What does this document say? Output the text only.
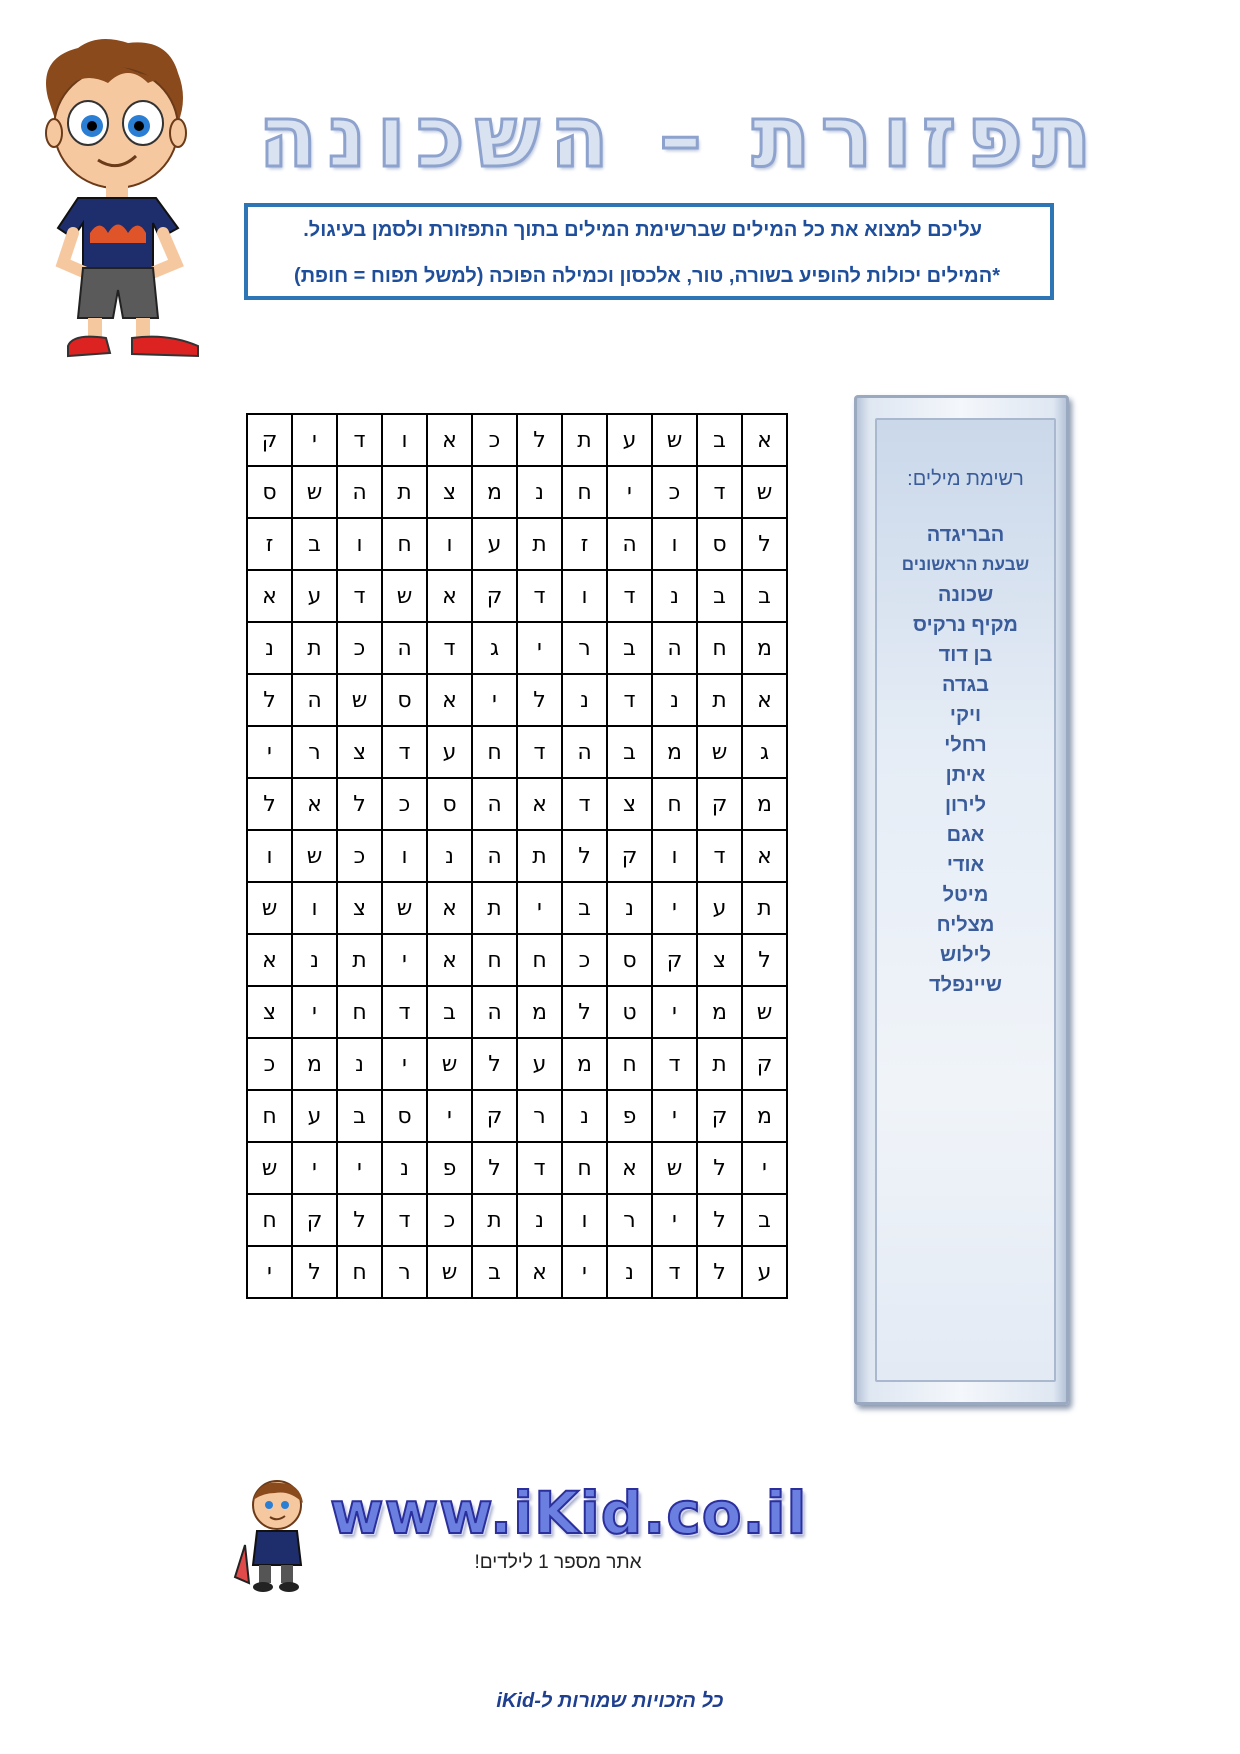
תפזורת – השכונה
עליכם למצוא את כל המילים שברשימת המילים בתוך התפזורת ולסמן בעיגול.
*המילים יכולות להופיע בשורה, טור, אלכסון וכמילה הפוכה (למשל תפוח = חופת)
א	ב	ש	ע	ת	ל	כ	א	ו	ד	י	ק
ש	ד	כ	י	ח	נ	מ	צ	ת	ה	ש	ס
ל	ס	ו	ה	ז	ת	ע	ו	ח	ו	ב	ז
ב	ב	נ	ד	ו	ד	ק	א	ש	ד	ע	א
מ	ח	ה	ב	ר	י	ג	ד	ה	כ	ת	נ
א	ת	נ	ד	נ	ל	י	א	ס	ש	ה	ל
ג	ש	מ	ב	ה	ד	ח	ע	ד	צ	ר	י
מ	ק	ח	צ	ד	א	ה	ס	כ	ל	א	ל
א	ד	ו	ק	ל	ת	ה	נ	ו	כ	ש	ו
ת	ע	י	נ	ב	י	ת	א	ש	צ	ו	ש
ל	צ	ק	ס	כ	ח	ח	א	י	ת	נ	א
ש	מ	י	ט	ל	מ	ה	ב	ד	ח	י	צ
ק	ת	ד	ח	מ	ע	ל	ש	י	נ	מ	כ
מ	ק	י	פ	נ	ר	ק	י	ס	ב	ע	ח
י	ל	ש	א	ח	ד	ל	פ	נ	י	י	ש
ב	ל	י	ר	ו	נ	ת	כ	ד	ל	ק	ח
ע	ל	ד	נ	י	א	ב	ש	ר	ח	ל	י
רשימת מילים:
הבריגדה
שבעת הראשונים
שכונה
מקיף נרקיס
בן דוד
בגדה
ויקי
רחלי
איתן
לירון
אגם
אודי
מיטל
מצליח
לילוש
שיינפלד
www.iKid.co.il
אתר מספר 1 לילדים!
כל הזכויות שמורות ל-iKid
